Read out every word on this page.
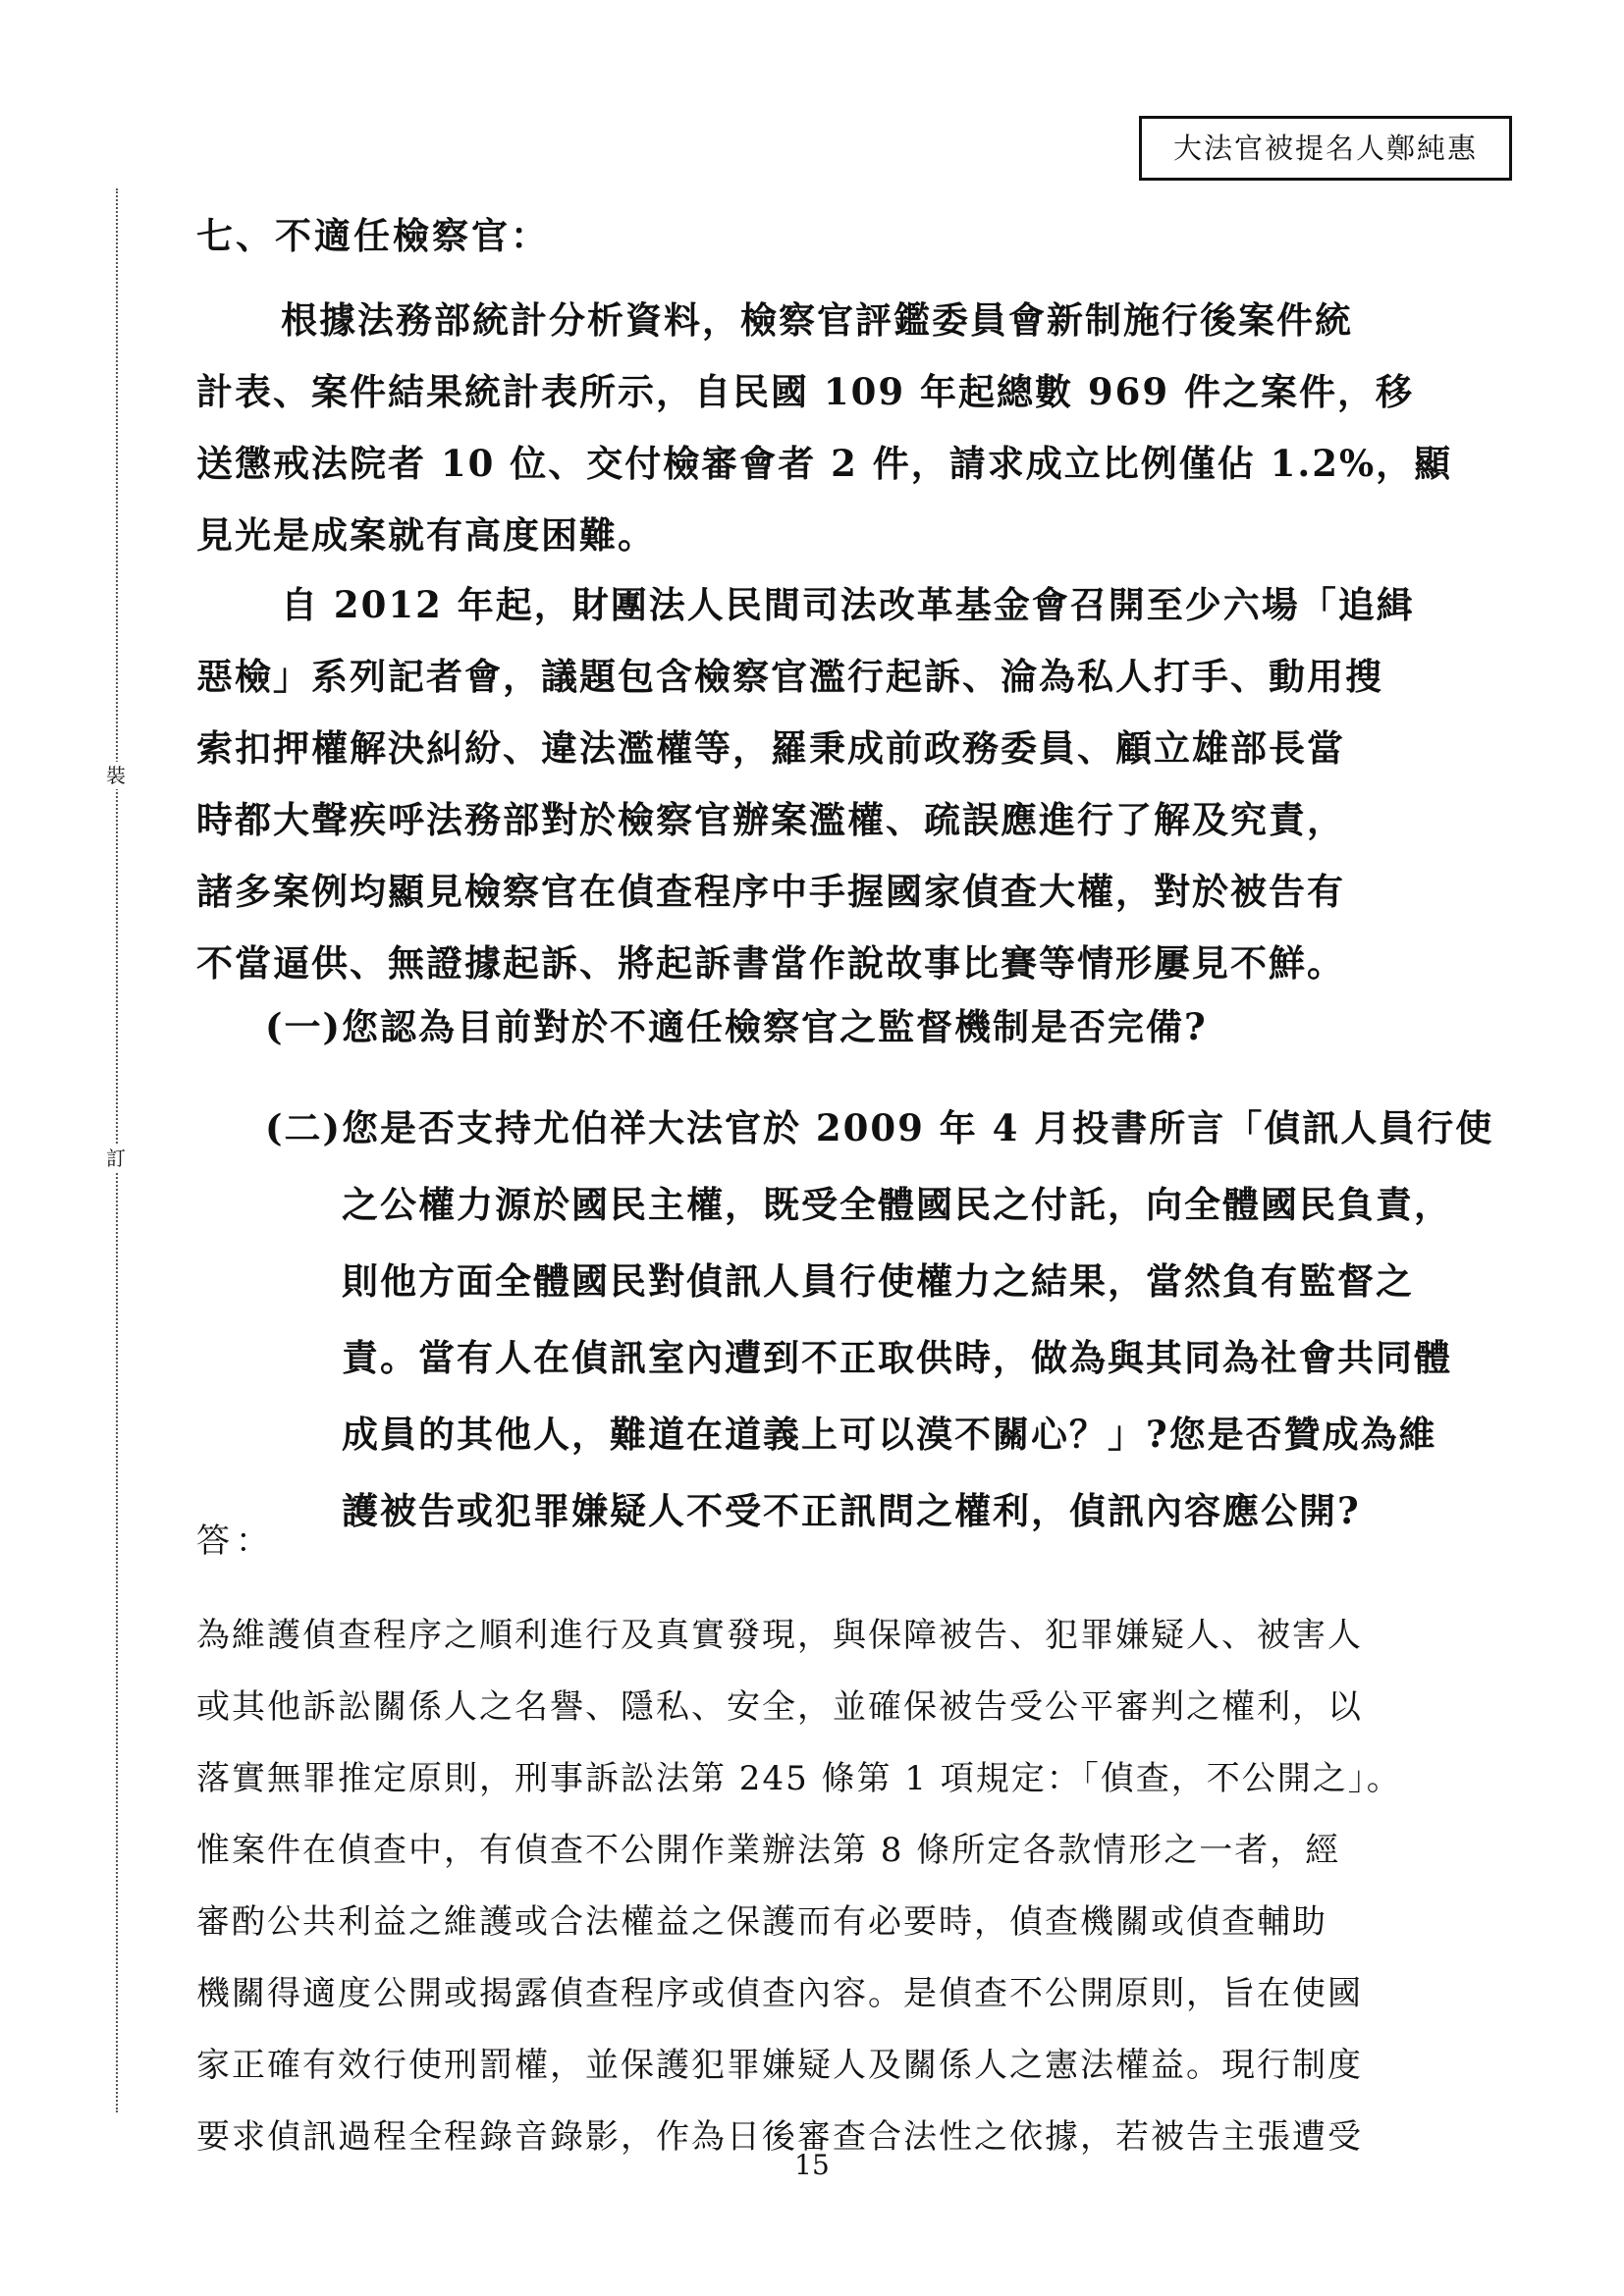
大法官被提名人鄭純惠
裝
訂
七、不適任檢察官：
根據法務部統計分析資料，檢察官評鑑委員會新制施行後案件統
計表、案件結果統計表所示，自民國 109 年起總數 969 件之案件，移
送懲戒法院者 10 位、交付檢審會者 2 件，請求成立比例僅佔 1.2%，顯
見光是成案就有高度困難。
自 2012 年起，財團法人民間司法改革基金會召開至少六場「追緝
惡檢」系列記者會，議題包含檢察官濫行起訴、淪為私人打手、動用搜
索扣押權解決糾紛、違法濫權等，羅秉成前政務委員、顧立雄部長當
時都大聲疾呼法務部對於檢察官辦案濫權、疏誤應進行了解及究責，
諸多案例均顯見檢察官在偵查程序中手握國家偵查大權，對於被告有
不當逼供、無證據起訴、將起訴書當作說故事比賽等情形屢見不鮮。
(一)您認為目前對於不適任檢察官之監督機制是否完備?
(二)您是否支持尤伯祥大法官於 2009 年 4 月投書所言「偵訊人員行使
　　之公權力源於國民主權，既受全體國民之付託，向全體國民負責，
　　則他方面全體國民對偵訊人員行使權力之結果，當然負有監督之
　　責。當有人在偵訊室內遭到不正取供時，做為與其同為社會共同體
　　成員的其他人，難道在道義上可以漠不關心？」?您是否贊成為維
　　護被告或犯罪嫌疑人不受不正訊問之權利，偵訊內容應公開?
答：
為維護偵查程序之順利進行及真實發現，與保障被告、犯罪嫌疑人、被害人
或其他訴訟關係人之名譽、隱私、安全，並確保被告受公平審判之權利，以
落實無罪推定原則，刑事訴訟法第 245 條第 1 項規定：「偵查，不公開之」。
惟案件在偵查中，有偵查不公開作業辦法第 8 條所定各款情形之一者，經
審酌公共利益之維護或合法權益之保護而有必要時，偵查機關或偵查輔助
機關得適度公開或揭露偵查程序或偵查內容。是偵查不公開原則，旨在使國
家正確有效行使刑罰權，並保護犯罪嫌疑人及關係人之憲法權益。現行制度
要求偵訊過程全程錄音錄影，作為日後審查合法性之依據，若被告主張遭受
15
